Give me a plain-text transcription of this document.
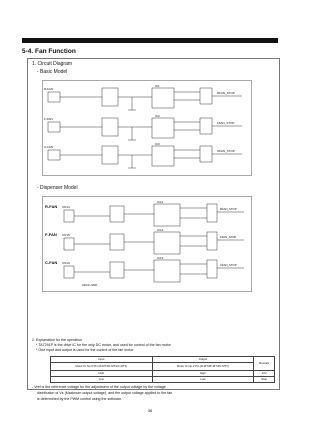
5-4. Fan Function
1. Circuit Diagram
- Basic Model
R-FAN
F-FAN
C-FAN
IC1
IC2
IC3
RFAN_STOP
FFAN_STOP
CFAN_STOP
- Dispenser Model
R-FAN
F-FAN
C-FAN
CN14
CN15
CN13
IC11
IC12
IC13
RFAN_STOP
FFAN_STOP
CFAN_STOP
ADC0~GND
2. Explanation for the operation
* TA7291P is the drive IC for the only DC motor, and used for control of the fan motor
* One input and output is used for the control of the fan motor
Input	Output	Remark
Motor IC No.5 Pin (R-MT3/F-MT3/C-MT1)	Motor IC No.2 Pin (R-MT3/F-MT3/C-MT1)	
High	High	13V
Low	Low	Stop
- Vref is the reference voltage for the adjustment of the output voltage by the voltage
distribution of Vs (Maximum output voltage), and the output voltage applied to the fan
is determined by the PWM control using the software.
36
